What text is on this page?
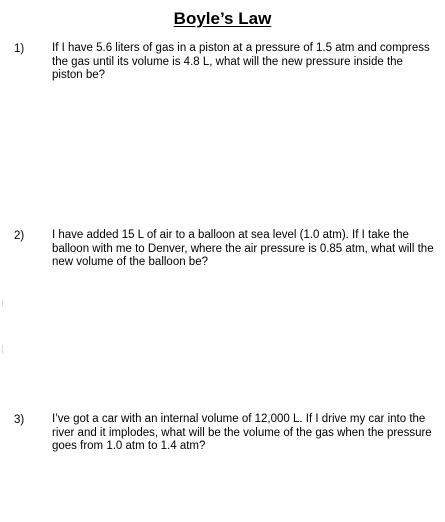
Boyle’s Law
1) If I have 5.6 liters of gas in a piston at a pressure of 1.5 atm and compress the gas until its volume is 4.8 L, what will the new pressure inside the piston be?
2) I have added 15 L of air to a balloon at sea level (1.0 atm). If I take the balloon with me to Denver, where the air pressure is 0.85 atm, what will the new volume of the balloon be?
3) I’ve got a car with an internal volume of 12,000 L. If I drive my car into the river and it implodes, what will be the volume of the gas when the pressure goes from 1.0 atm to 1.4 atm?
